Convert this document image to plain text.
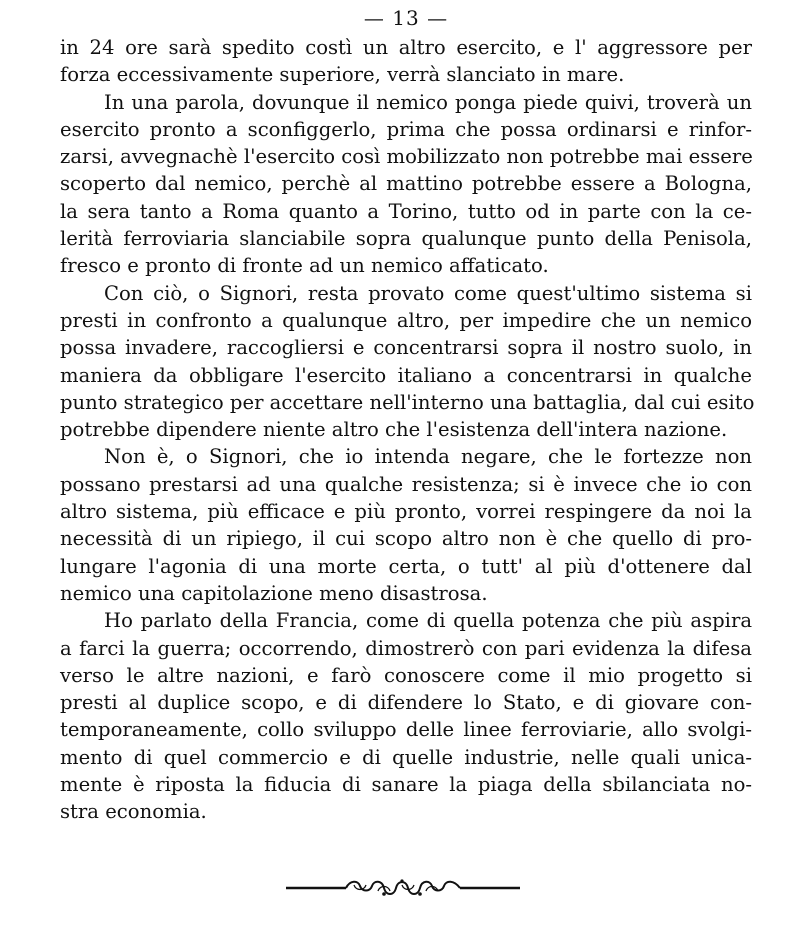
— 13 —
in 24 ore sarà spedito costì un altro esercito, e l' aggressore per
forza eccessivamente superiore, verrà slanciato in mare.
In una parola, dovunque il nemico ponga piede quivi, troverà un
esercito pronto a sconfiggerlo, prima che possa ordinarsi e rinfor-
zarsi, avvegnachè l'esercito così mobilizzato non potrebbe mai essere
scoperto dal nemico, perchè al mattino potrebbe essere a Bologna,
la sera tanto a Roma quanto a Torino, tutto od in parte con la ce-
lerità ferroviaria slanciabile sopra qualunque punto della Penisola,
fresco e pronto di fronte ad un nemico affaticato.
Con ciò, o Signori, resta provato come quest'ultimo sistema si
presti in confronto a qualunque altro, per impedire che un nemico
possa invadere, raccogliersi e concentrarsi sopra il nostro suolo, in
maniera da obbligare l'esercito italiano a concentrarsi in qualche
punto strategico per accettare nell'interno una battaglia, dal cui esito
potrebbe dipendere niente altro che l'esistenza dell'intera nazione.
Non è, o Signori, che io intenda negare, che le fortezze non
possano prestarsi ad una qualche resistenza; si è invece che io con
altro sistema, più efficace e più pronto, vorrei respingere da noi la
necessità di un ripiego, il cui scopo altro non è che quello di pro-
lungare l'agonia di una morte certa, o tutt' al più d'ottenere dal
nemico una capitolazione meno disastrosa.
Ho parlato della Francia, come di quella potenza che più aspira
a farci la guerra; occorrendo, dimostrerò con pari evidenza la difesa
verso le altre nazioni, e farò conoscere come il mio progetto si
presti al duplice scopo, e di difendere lo Stato, e di giovare con-
temporaneamente, collo sviluppo delle linee ferroviarie, allo svolgi-
mento di quel commercio e di quelle industrie, nelle quali unica-
mente è riposta la fiducia di sanare la piaga della sbilanciata no-
stra economia.
